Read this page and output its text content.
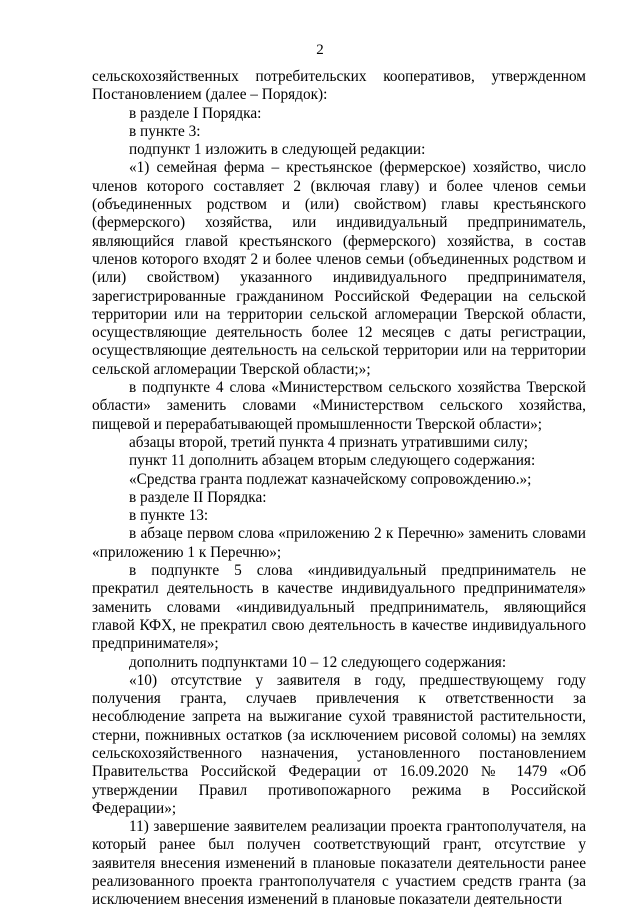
2

сельскохозяйственных потребительских кооперативов, утвержденном Постановлением (далее – Порядок):

в разделе I Порядка:

в пункте 3:

подпункт 1 изложить в следующей редакции:

«1) семейная ферма – крестьянское (фермерское) хозяйство, число членов которого составляет 2 (включая главу) и более членов семьи (объединенных родством и (или) свойством) главы крестьянского (фермерского) хозяйства, или индивидуальный предприниматель, являющийся главой крестьянского (фермерского) хозяйства, в состав членов которого входят 2 и более членов семьи (объединенных родством и (или) свойством) указанного индивидуального предпринимателя, зарегистрированные гражданином Российской Федерации на сельской территории или на территории сельской агломерации Тверской области, осуществляющие деятельность более 12 месяцев с даты регистрации, осуществляющие деятельность на сельской территории или на территории сельской агломерации Тверской области;»;

в подпункте 4 слова «Министерством сельского хозяйства Тверской области» заменить словами «Министерством сельского хозяйства, пищевой и перерабатывающей промышленности Тверской области»;

абзацы второй, третий пункта 4 признать утратившими силу;

пункт 11 дополнить абзацем вторым следующего содержания:

«Средства гранта подлежат казначейскому сопровождению.»;

в разделе II Порядка:

в пункте 13:

в абзаце первом слова «приложению 2 к Перечню» заменить словами «приложению 1 к Перечню»;

в подпункте 5 слова «индивидуальный предприниматель не прекратил деятельность в качестве индивидуального предпринимателя» заменить словами «индивидуальный предприниматель, являющийся главой КФХ, не прекратил свою деятельность в качестве индивидуального предпринимателя»;

дополнить подпунктами 10 – 12 следующего содержания:

«10) отсутствие у заявителя в году, предшествующему году получения гранта, случаев привлечения к ответственности за несоблюдение запрета на выжигание сухой травянистой растительности, стерни, пожнивных остатков (за исключением рисовой соломы) на землях сельскохозяйственного назначения, установленного постановлением Правительства Российской Федерации от 16.09.2020 № 1479 «Об утверждении Правил противопожарного режима в Российской Федерации»;

11) завершение заявителем реализации проекта грантополучателя, на который ранее был получен соответствующий грант, отсутствие у заявителя внесения изменений в плановые показатели деятельности ранее реализованного проекта грантополучателя с участием средств гранта (за исключением внесения изменений в плановые показатели деятельности
